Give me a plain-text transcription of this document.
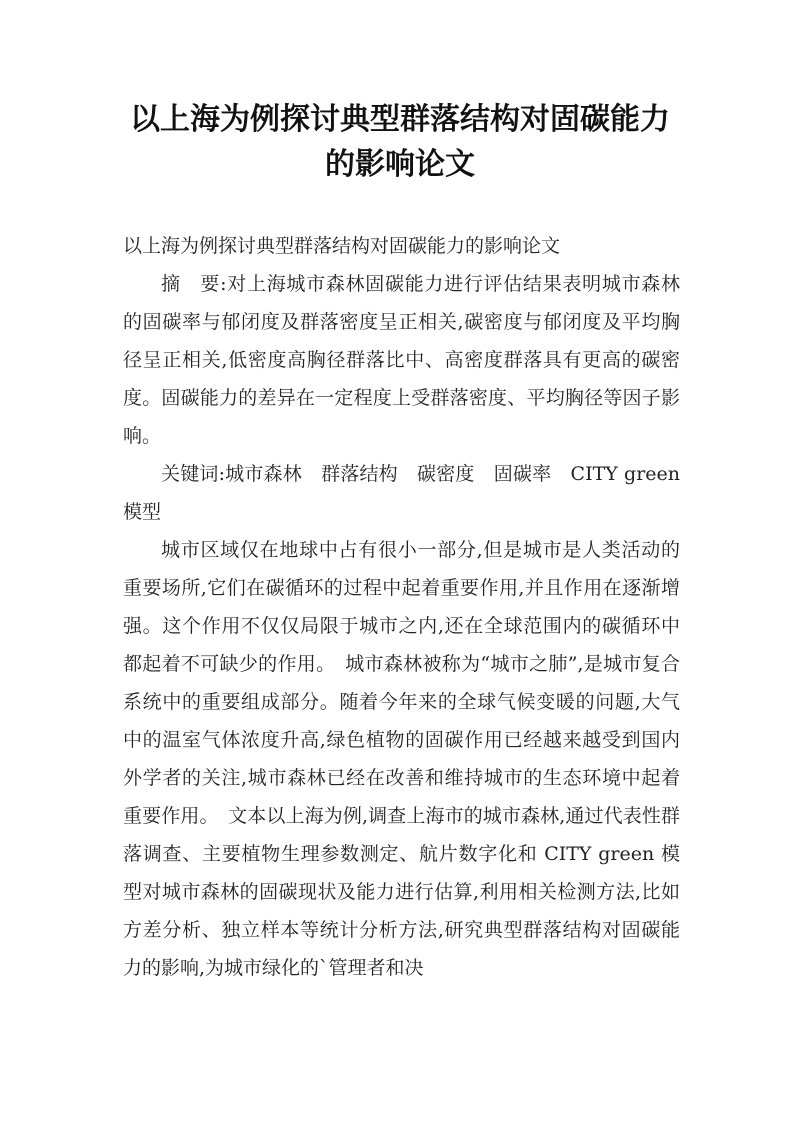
以上海为例探讨典型群落结构对固碳能力
的影响论文

以上海为例探讨典型群落结构对固碳能力的影响论文

摘　要:对上海城市森林固碳能力进行评估结果表明城市森林的固碳率与郁闭度及群落密度呈正相关,碳密度与郁闭度及平均胸径呈正相关,低密度高胸径群落比中、高密度群落具有更高的碳密度。固碳能力的差异在一定程度上受群落密度、平均胸径等因子影响。

关键词:城市森林　群落结构　碳密度　固碳率　CITY green 模型

城市区域仅在地球中占有很小一部分,但是城市是人类活动的重要场所,它们在碳循环的过程中起着重要作用,并且作用在逐渐增强。这个作用不仅仅局限于城市之内,还在全球范围内的碳循环中都起着不可缺少的作用。　城市森林被称为“城市之肺”,是城市复合系统中的重要组成部分。随着今年来的全球气候变暖的问题,大气中的温室气体浓度升高,绿色植物的固碳作用已经越来越受到国内外学者的关注,城市森林已经在改善和维持城市的生态环境中起着重要作用。　文本以上海为例,调查上海市的城市森林,通过代表性群落调查、主要植物生理参数测定、航片数字化和 CITY green 模型对城市森林的固碳现状及能力进行估算,利用相关检测方法,比如方差分析、独立样本等统计分析方法,研究典型群落结构对固碳能力的影响,为城市绿化的`管理者和决
